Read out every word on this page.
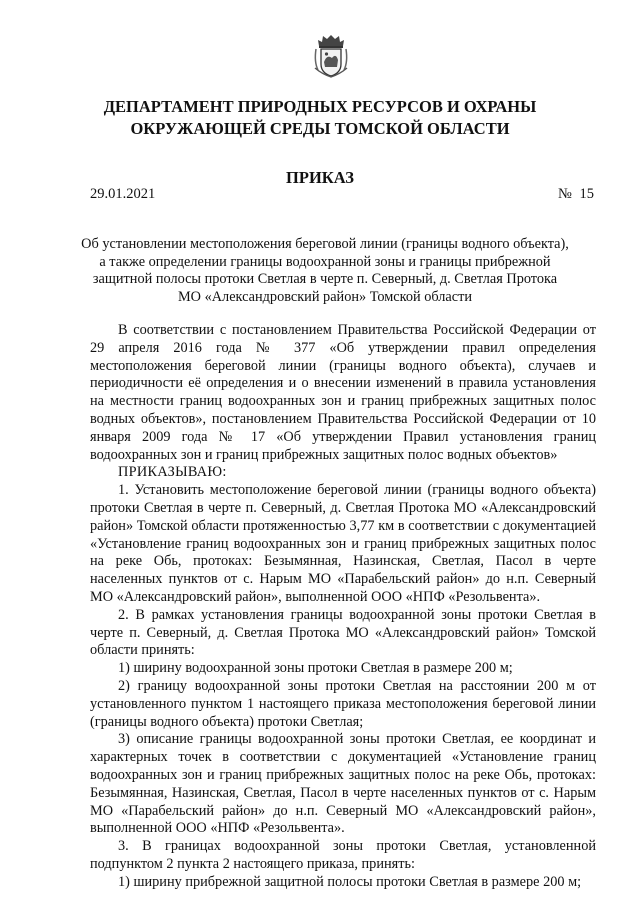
ДЕПАРТАМЕНТ ПРИРОДНЫХ РЕСУРСОВ И ОХРАНЫ
ОКРУЖАЮЩЕЙ СРЕДЫ ТОМСКОЙ ОБЛАСТИ
ПРИКАЗ
29.01.2021	№ 15
Об установлении местоположения береговой линии (границы водного объекта),
а также определении границы водоохранной зоны и границы прибрежной
защитной полосы протоки Светлая в черте п. Северный, д. Светлая Протока
МО «Александровский район» Томской области

В соответствии с постановлением Правительства Российской Федерации от 29 апреля 2016 года № 377 «Об утверждении правил определения местоположения береговой линии (границы водного объекта), случаев и периодичности её определения и о внесении изменений в правила установления на местности границ водоохранных зон и границ прибрежных защитных полос водных объектов», постановлением Правительства Российской Федерации от 10 января 2009 года № 17 «Об утверждении Правил установления границ водоохранных зон и границ прибрежных защитных полос водных объектов»

ПРИКАЗЫВАЮ:

1. Установить местоположение береговой линии (границы водного объекта) протоки Светлая в черте п. Северный, д. Светлая Протока МО «Александровский район» Томской области протяженностью 3,77 км в соответствии с документацией «Установление границ водоохранных зон и границ прибрежных защитных полос на реке Обь, протоках: Безымянная, Назинская, Светлая, Пасол в черте населенных пунктов от с. Нарым МО «Парабельский район» до н.п. Северный МО «Александровский район», выполненной ООО «НПФ «Резольвента».

2. В рамках установления границы водоохранной зоны протоки Светлая в черте п. Северный, д. Светлая Протока МО «Александровский район» Томской области принять:

1) ширину водоохранной зоны протоки Светлая в размере 200 м;

2) границу водоохранной зоны протоки Светлая на расстоянии 200 м от установленного пунктом 1 настоящего приказа местоположения береговой линии (границы водного объекта) протоки Светлая;

3) описание границы водоохранной зоны протоки Светлая, ее координат и характерных точек в соответствии с документацией «Установление границ водоохранных зон и границ прибрежных защитных полос на реке Обь, протоках: Безымянная, Назинская, Светлая, Пасол в черте населенных пунктов от с. Нарым МО «Парабельский район» до н.п. Северный МО «Александровский район», выполненной ООО «НПФ «Резольвента».

3. В границах водоохранной зоны протоки Светлая, установленной подпунктом 2 пункта 2 настоящего приказа, принять:

1) ширину прибрежной защитной полосы протоки Светлая в размере 200 м;
